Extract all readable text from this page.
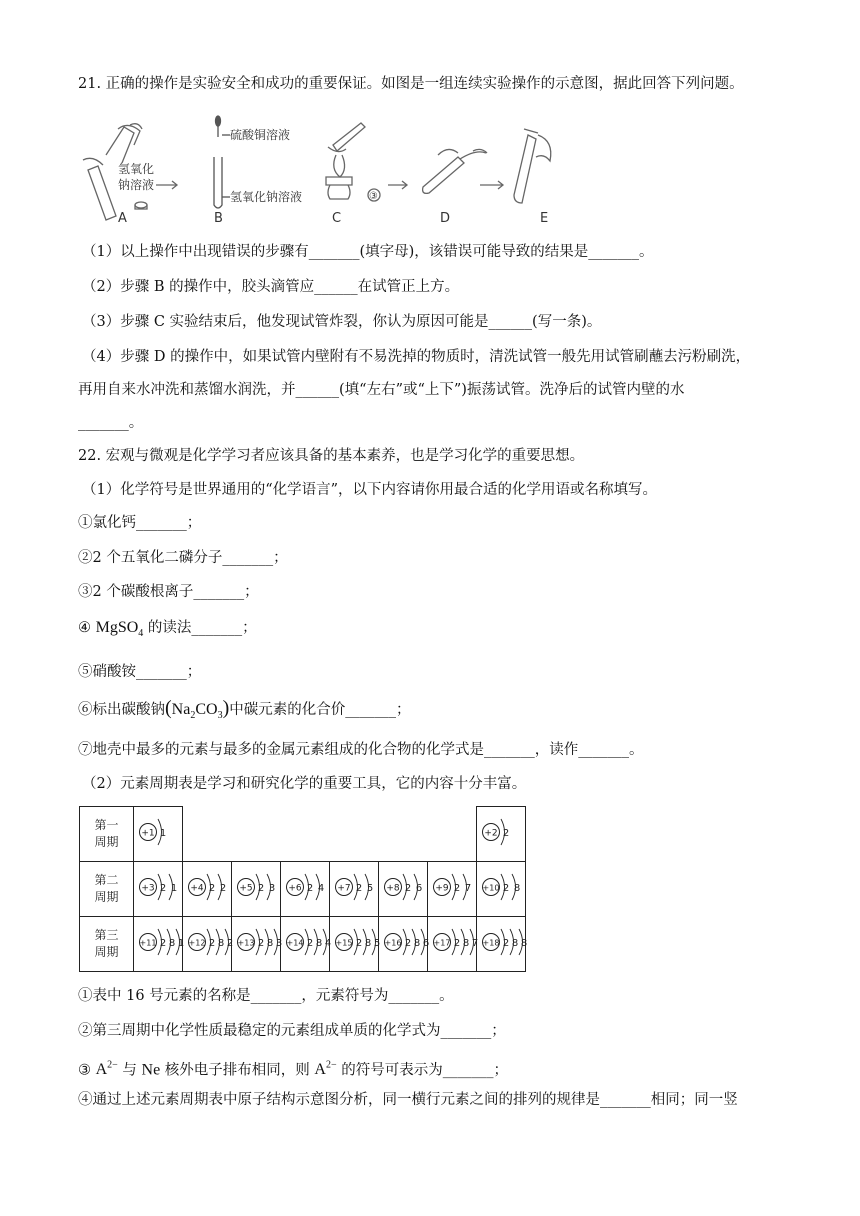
21. 正确的操作是实验安全和成功的重要保证。如图是一组连续实验操作的示意图，据此回答下列问题。
氢氧化
钠溶液
A
硫酸铜溶液
氢氧化钠溶液
B
③
C	D	E
（1）以上操作中出现错误的步骤有_______(填字母)，该错误可能导致的结果是_______。
（2）步骤 B 的操作中，胶头滴管应______在试管正上方。
（3）步骤 C 实验结束后，他发现试管炸裂，你认为原因可能是______(写一条)。
（4）步骤 D 的操作中，如果试管内壁附有不易洗掉的物质时，清洗试管一般先用试管刷蘸去污粉刷洗，
再用自来水冲洗和蒸馏水润洗，并______(填“左右”或“上下”)振荡试管。洗净后的试管内壁的水
_______。
22. 宏观与微观是化学学习者应该具备的基本素养，也是学习化学的重要思想。
（1）化学符号是世界通用的“化学语言”，以下内容请你用最合适的化学用语或名称填写。
①氯化钙_______；
②2 个五氧化二磷分子_______；
③2 个碳酸根离子_______；
④ MgSO$_4$ 的读法_______；
⑤硝酸铵_______；
⑥标出碳酸钠$(Na_2CO_3)$中碳元素的化合价_______；
⑦地壳中最多的元素与最多的金属元素组成的化合物的化学式是_______，读作_______。
（2）元素周期表是学习和研究化学的重要工具，它的内容十分丰富。
第一
周期	+1 1							+2 2

第二
周期	+3 2 1	+4 2 2	+5 2 3	+6 2 4	+7 2 5	+8 2 6	+9 2 7	+10 2 8

第三
周期	+11 2 8 1	+12 2 8 2	+13 2 8 3	+14 2 8 4	+15 2 8 5	+16 2 8 6	+17 2 8 7	+18 2 8 8
①表中 16 号元素的名称是_______，元素符号为_______。
②第三周期中化学性质最稳定的元素组成单质的化学式为_______；
③ $A^{2-}$ 与 Ne 核外电子排布相同，则 $A^{2-}$ 的符号可表示为_______；
④通过上述元素周期表中原子结构示意图分析，同一横行元素之间的排列的规律是_______相同；同一竖
